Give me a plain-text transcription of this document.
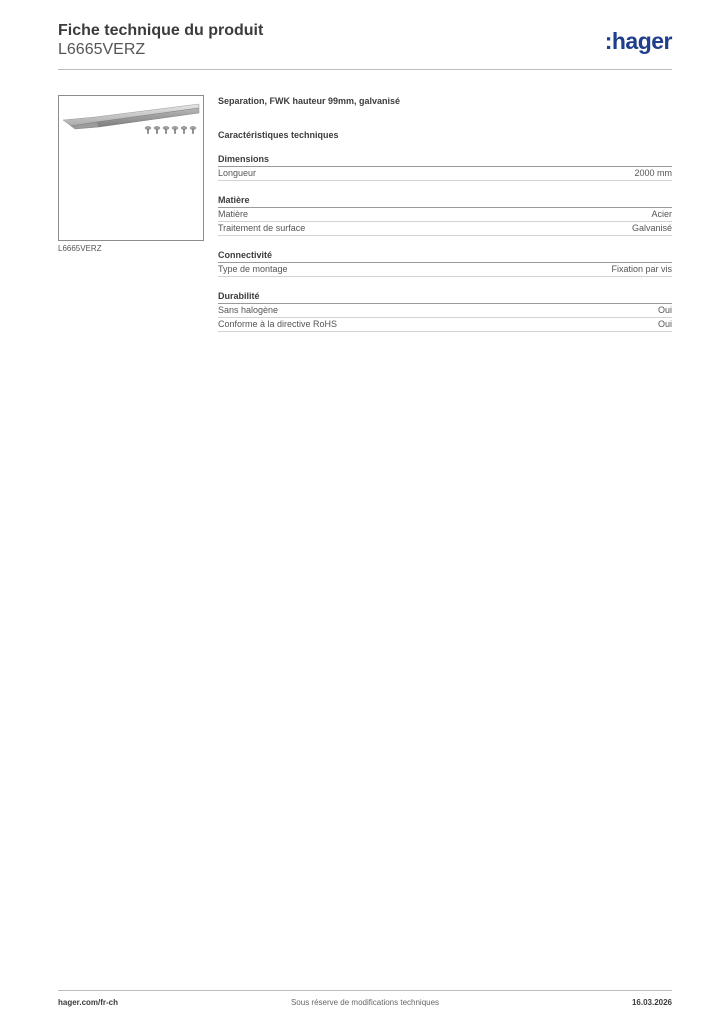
Fiche technique du produit
L6665VERZ	:hager
L6665VERZ
Separation, FWK hauteur 99mm, galvanisé
Caractéristiques techniques
Dimensions
Longueur	2000 mm
Matière
Matière	Acier
Traitement de surface	Galvanisé
Connectivité
Type de montage	Fixation par vis
Durabilité
Sans halogène	Oui
Conforme à la directive RoHS	Oui
hager.com/fr-ch	Sous réserve de modifications techniques	16.03.2026
